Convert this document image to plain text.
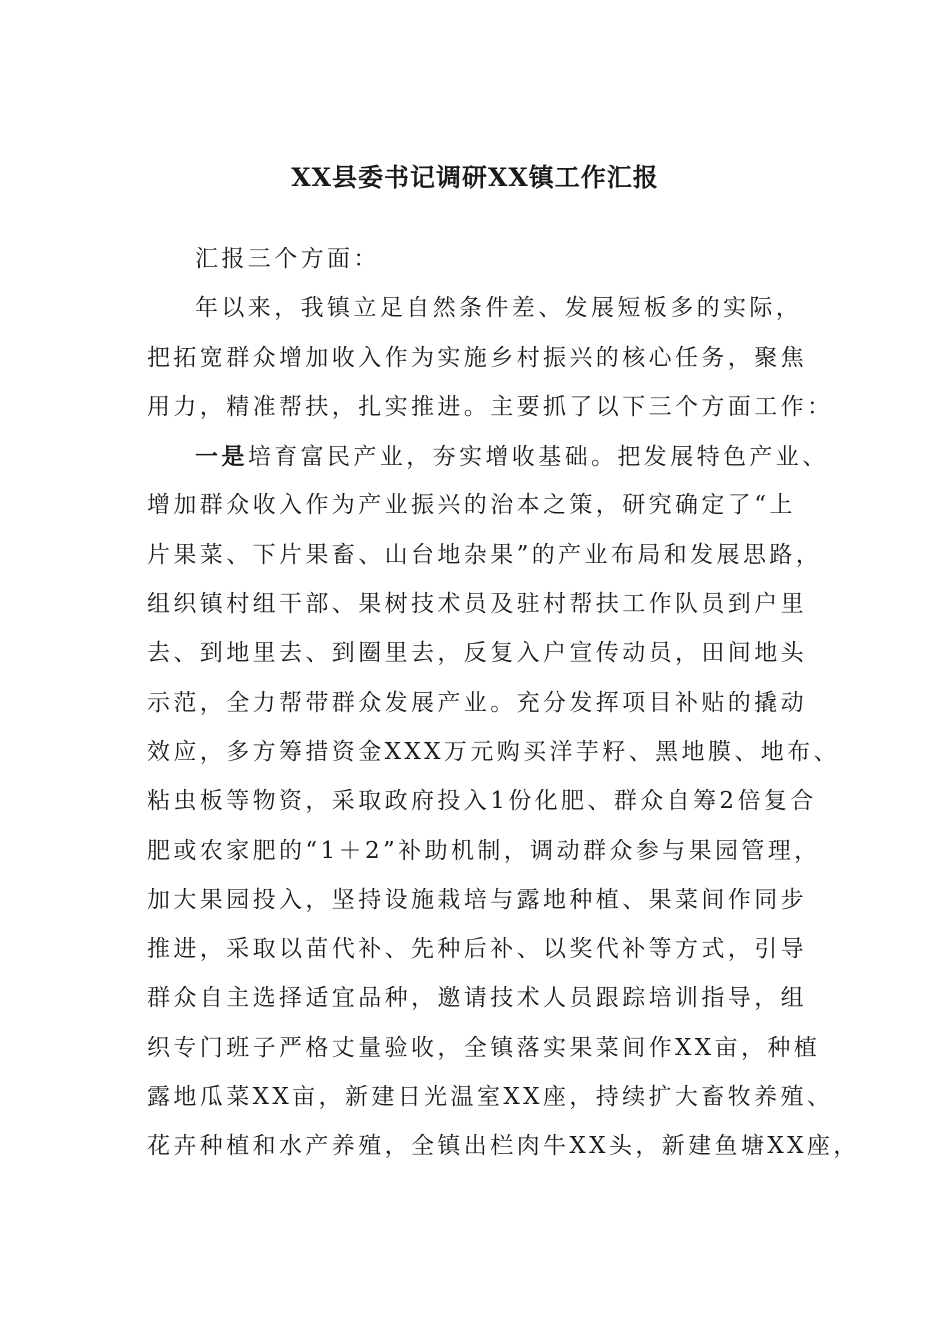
XX县委书记调研XX镇工作汇报
汇报三个方面：
年以来，我镇立足自然条件差、发展短板多的实际，
把拓宽群众增加收入作为实施乡村振兴的核心任务，聚焦
用力，精准帮扶，扎实推进。主要抓了以下三个方面工作：
一是培育富民产业，夯实增收基础。把发展特色产业、
增加群众收入作为产业振兴的治本之策，研究确定了“上
片果菜、下片果畜、山台地杂果”的产业布局和发展思路，
组织镇村组干部、果树技术员及驻村帮扶工作队员到户里
去、到地里去、到圈里去，反复入户宣传动员，田间地头
示范，全力帮带群众发展产业。充分发挥项目补贴的撬动
效应，多方筹措资金XXX万元购买洋芋籽、黑地膜、地布、
粘虫板等物资，采取政府投入1份化肥、群众自筹2倍复合
肥或农家肥的“1＋2”补助机制，调动群众参与果园管理，
加大果园投入，坚持设施栽培与露地种植、果菜间作同步
推进，采取以苗代补、先种后补、以奖代补等方式，引导
群众自主选择适宜品种，邀请技术人员跟踪培训指导，组
织专门班子严格丈量验收，全镇落实果菜间作XX亩，种植
露地瓜菜XX亩，新建日光温室XX座，持续扩大畜牧养殖、
花卉种植和水产养殖，全镇出栏肉牛XX头，新建鱼塘XX座，
